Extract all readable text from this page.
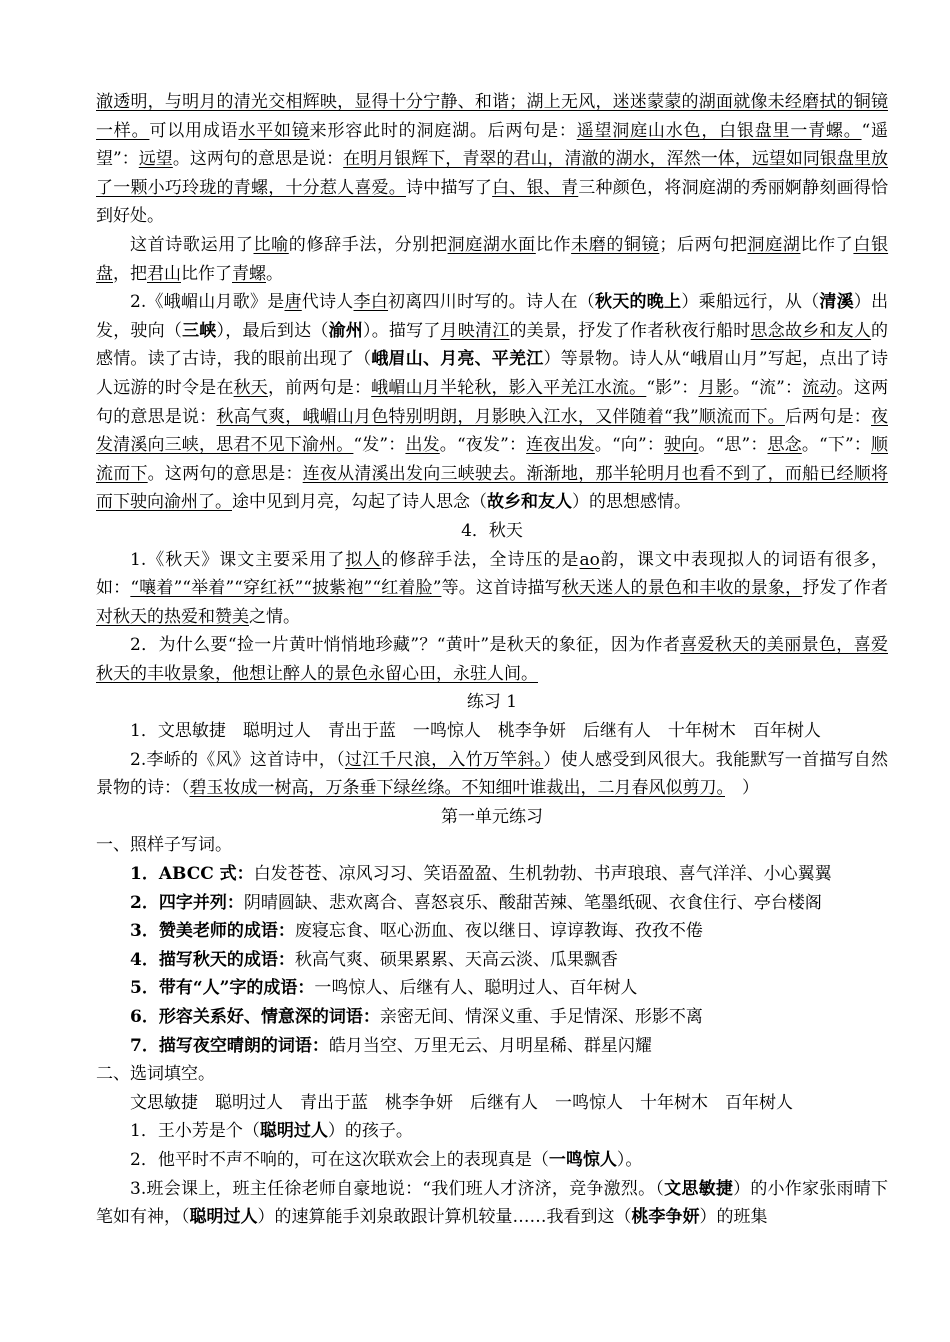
澈透明，与明月的清光交相辉映，显得十分宁静、和谐；湖上无风，迷迷蒙蒙的湖面就像未经磨拭的铜镜一样。可以用成语水平如镜来形容此时的洞庭湖。后两句是：遥望洞庭山水色，白银盘里一青螺。“遥望”：远望。这两句的意思是说：在明月银辉下，青翠的君山，清澈的湖水，浑然一体，远望如同银盘里放了一颗小巧玲珑的青螺，十分惹人喜爱。诗中描写了白、银、青三种颜色，将洞庭湖的秀丽婀静刻画得恰到好处。

这首诗歌运用了比喻的修辞手法，分别把洞庭湖水面比作未磨的铜镜；后两句把洞庭湖比作了白银盘，把君山比作了青螺。

2.《峨嵋山月歌》是唐代诗人李白初离四川时写的。诗人在（秋天的晚上）乘船远行，从（清溪）出发，驶向（三峡），最后到达（渝州）。描写了月映清江的美景，抒发了作者秋夜行船时思念故乡和友人的感情。读了古诗，我的眼前出现了（峨眉山、月亮、平羌江）等景物。诗人从“峨眉山月”写起，点出了诗人远游的时令是在秋天，前两句是：峨嵋山月半轮秋，影入平羌江水流。“影”：月影。“流”：流动。这两句的意思是说：秋高气爽，峨嵋山月色特别明朗，月影映入江水，又伴随着“我”顺流而下。后两句是：夜发清溪向三峡，思君不见下渝州。“发”：出发。“夜发”：连夜出发。“向”：驶向。“思”：思念。“下”：顺流而下。这两句的意思是：连夜从清溪出发向三峡驶去。渐渐地，那半轮明月也看不到了，而船已经顺将而下驶向渝州了。途中见到月亮，勾起了诗人思念（故乡和友人）的思想感情。

4．秋天

1.《秋天》课文主要采用了拟人的修辞手法，全诗压的是ao韵，课文中表现拟人的词语有很多，如：“嚷着”“举着”“穿红袄”“披紫袍”“红着脸”等。这首诗描写秋天迷人的景色和丰收的景象，抒发了作者对秋天的热爱和赞美之情。

2．为什么要“捡一片黄叶悄悄地珍藏”？“黄叶”是秋天的象征，因为作者喜爱秋天的美丽景色，喜爱秋天的丰收景象，他想让醉人的景色永留心田，永驻人间。

练习 1

1．文思敏捷　聪明过人　青出于蓝　一鸣惊人　桃李争妍　后继有人　十年树木　百年树人

2.李峤的《风》这首诗中，（过江千尺浪，入竹万竿斜。）使人感受到风很大。我能默写一首描写自然景物的诗：（碧玉妆成一树高，万条垂下绿丝绦。不知细叶谁裁出，二月春风似剪刀。　）

第一单元练习

一、照样子写词。

1．ABCC 式：白发苍苍、凉风习习、笑语盈盈、生机勃勃、书声琅琅、喜气洋洋、小心翼翼

2．四字并列：阴晴圆缺、悲欢离合、喜怒哀乐、酸甜苦辣、笔墨纸砚、衣食住行、亭台楼阁

3．赞美老师的成语：废寝忘食、呕心沥血、夜以继日、谆谆教诲、孜孜不倦

4．描写秋天的成语：秋高气爽、硕果累累、天高云淡、瓜果飘香

5．带有“人”字的成语：一鸣惊人、后继有人、聪明过人、百年树人

6．形容关系好、情意深的词语：亲密无间、情深义重、手足情深、形影不离

7．描写夜空晴朗的词语：皓月当空、万里无云、月明星稀、群星闪耀

二、选词填空。

文思敏捷　聪明过人　青出于蓝　桃李争妍　后继有人　一鸣惊人　十年树木　百年树人

1．王小芳是个（聪明过人）的孩子。

2．他平时不声不响的，可在这次联欢会上的表现真是（一鸣惊人）。

3.班会课上，班主任徐老师自豪地说：“我们班人才济济，竞争激烈。（文思敏捷）的小作家张雨晴下笔如有神，（聪明过人）的速算能手刘泉敢跟计算机较量……我看到这（桃李争妍）的班集
